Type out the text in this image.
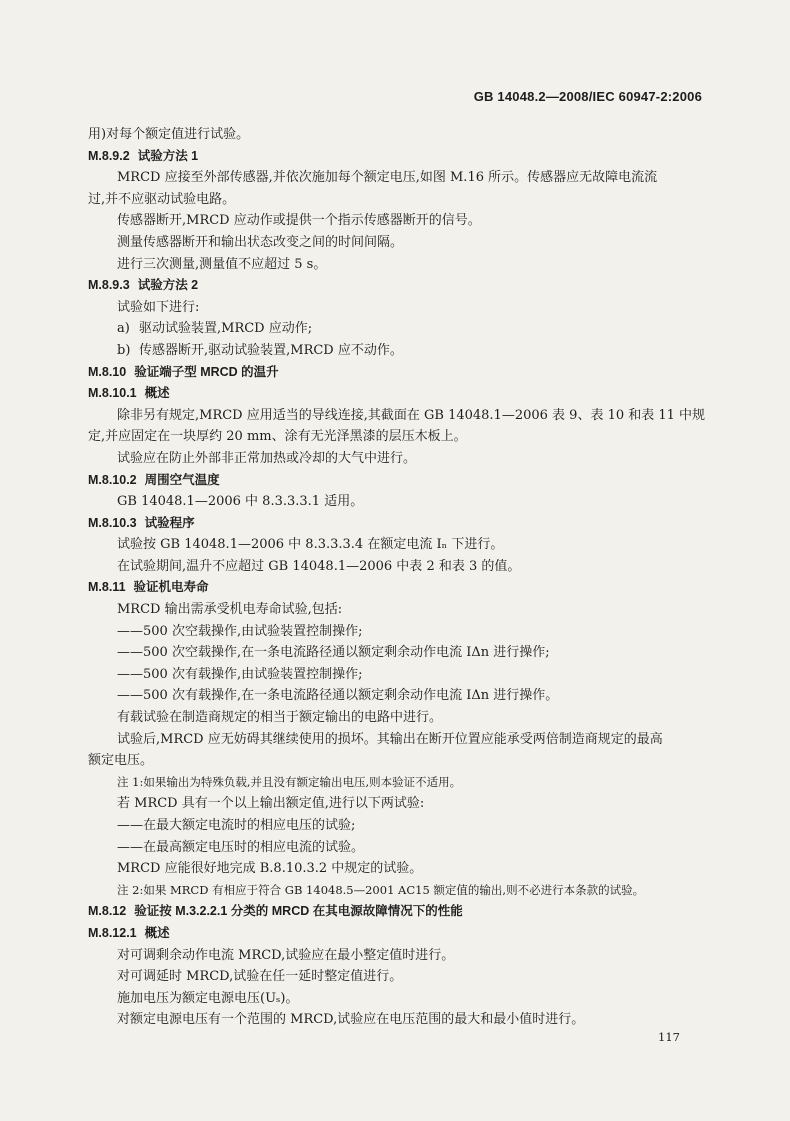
GB 14048.2—2008/IEC 60947-2:2006
用)对每个额定值进行试验。
M.8.9.2 试验方法 1
MRCD 应接至外部传感器,并依次施加每个额定电压,如图 M.16 所示。传感器应无故障电流流
过,并不应驱动试验电路。
传感器断开,MRCD 应动作或提供一个指示传感器断开的信号。
测量传感器断开和输出状态改变之间的时间间隔。
进行三次测量,测量值不应超过 5 s。
M.8.9.3 试验方法 2
试验如下进行:
a) 驱动试验装置,MRCD 应动作;
b) 传感器断开,驱动试验装置,MRCD 应不动作。
M.8.10 验证端子型 MRCD 的温升
M.8.10.1 概述
除非另有规定,MRCD 应用适当的导线连接,其截面在 GB 14048.1—2006 表 9、表 10 和表 11 中规
定,并应固定在一块厚约 20 mm、涂有无光泽黑漆的层压木板上。
试验应在防止外部非正常加热或冷却的大气中进行。
M.8.10.2 周围空气温度
GB 14048.1—2006 中 8.3.3.3.1 适用。
M.8.10.3 试验程序
试验按 GB 14048.1—2006 中 8.3.3.3.4 在额定电流 Iₙ 下进行。
在试验期间,温升不应超过 GB 14048.1—2006 中表 2 和表 3 的值。
M.8.11 验证机电寿命
MRCD 输出需承受机电寿命试验,包括:
——500 次空载操作,由试验装置控制操作;
——500 次空载操作,在一条电流路径通以额定剩余动作电流 IΔn 进行操作;
——500 次有载操作,由试验装置控制操作;
——500 次有载操作,在一条电流路径通以额定剩余动作电流 IΔn 进行操作。
有载试验在制造商规定的相当于额定输出的电路中进行。
试验后,MRCD 应无妨碍其继续使用的损坏。其输出在断开位置应能承受两倍制造商规定的最高
额定电压。
注 1:如果输出为特殊负载,并且没有额定输出电压,则本验证不适用。
若 MRCD 具有一个以上输出额定值,进行以下两试验:
——在最大额定电流时的相应电压的试验;
——在最高额定电压时的相应电流的试验。
MRCD 应能很好地完成 B.8.10.3.2 中规定的试验。
注 2:如果 MRCD 有相应于符合 GB 14048.5—2001 AC15 额定值的输出,则不必进行本条款的试验。
M.8.12 验证按 M.3.2.2.1 分类的 MRCD 在其电源故障情况下的性能
M.8.12.1 概述
对可调剩余动作电流 MRCD,试验应在最小整定值时进行。
对可调延时 MRCD,试验在任一延时整定值进行。
施加电压为额定电源电压(Uₛ)。
对额定电源电压有一个范围的 MRCD,试验应在电压范围的最大和最小值时进行。
117
